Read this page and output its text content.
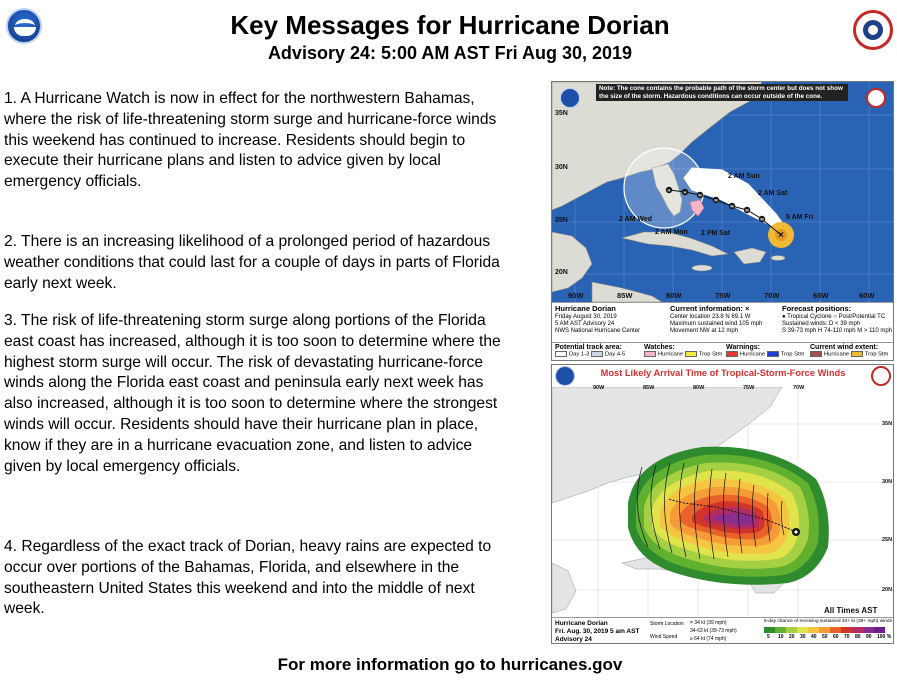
Key Messages for Hurricane Dorian
Advisory 24: 5:00 AM AST Fri Aug 30, 2019
1. A Hurricane Watch is now in effect for the northwestern Bahamas, where the risk of life-threatening storm surge and hurricane-force winds this weekend has continued to increase. Residents should begin to execute their hurricane plans and listen to advice given by local emergency officials.
2. There is an increasing likelihood of a prolonged period of hazardous weather conditions that could last for a couple of days in parts of Florida early next week.
3. The risk of life-threatening storm surge along portions of the Florida east coast has increased, although it is too soon to determine where the highest storm surge will occur. The risk of devastating hurricane-force winds along the Florida east coast and peninsula early next week has also increased, although it is too soon to determine where the strongest winds will occur. Residents should have their hurricane plan in place, know if they are in a hurricane evacuation zone, and listen to advice given by local emergency officials.
4. Regardless of the exact track of Dorian, heavy rains are expected to occur over portions of the Bahamas, Florida, and elsewhere in the southeastern United States this weekend and into the middle of next week.
M
M
M
M
M
H
H
×
Note: The cone contains the probable path of the storm center but does not show the size of the storm. Hazardous conditions can occur outside of the cone.
35N
30N
25N
20N
90W	85W	80W	75W	70W	65W	60W
2 AM Sun
2 AM Sat
5 AM Fri
2 AM Wed
2 AM Mon 2 PM Sat
Hurricane Dorian
Friday August 30, 2019
5 AM AST Advisory 24
NWS National Hurricane Center
Current information: ×
Center location 23.8 N 69.1 W
Maximum sustained wind 105 mph
Movement NW at 12 mph
Forecast positions:
● Tropical Cyclone ○ Post/Potential TC
Sustained winds: D < 39 mph
S 39-73 mph H 74-110 mph M > 110 mph
Potential track area:
Day 1-3	Day 4-5
Watches:
Hurricane	Trop Stm
Warnings:
Hurricane	Trop Stm
Current wind extent:
Hurricane	Trop Stm
Most Likely Arrival Time of Tropical-Storm-Force Winds
90W	85W	80W	75W	70W
35N
30N
25N
20N
All Times AST
Hurricane Dorian
Fri. Aug. 30, 2019 5 am AST
Advisory 24
Storm Location
Wind Speed
= 34 kt (39 mph)
34-63 kt (39-73 mph)
≥ 64 kt (74 mph)
5-day chance of receiving sustained 34+ kt (39+ mph) winds
5 10 20 30 40 50 60 70 80 90 100 %
For more information go to hurricanes.gov
